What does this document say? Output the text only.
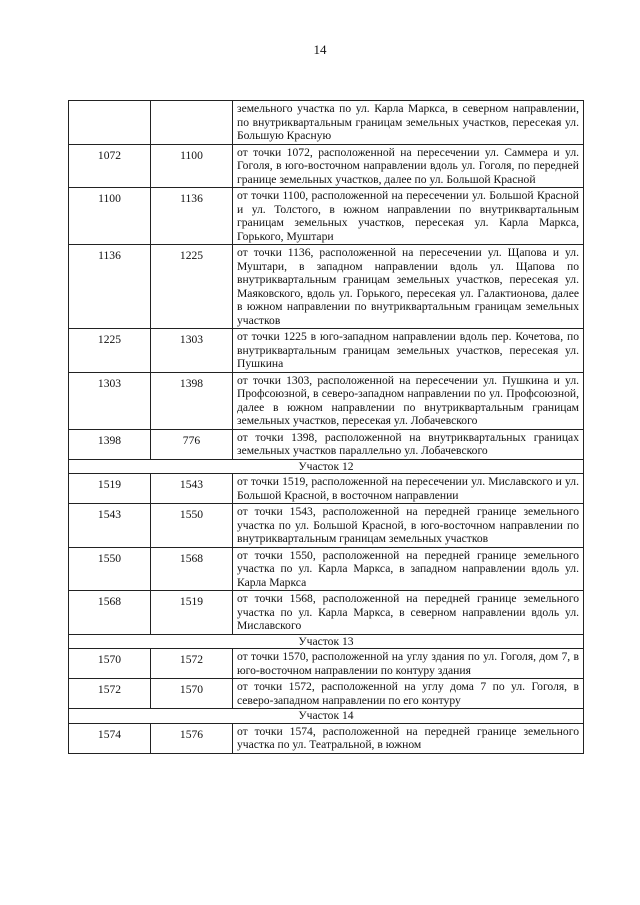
14
		земельного участка по ул. Карла Маркса, в северном направлении, по внутриквартальным границам земельных участков, пересекая ул. Большую Красную
1072	1100	от точки 1072, расположенной на пересечении ул. Саммера и ул. Гоголя, в юго-восточном направлении вдоль ул. Гоголя, по передней границе земельных участков, далее по ул. Большой Красной
1100	1136	от точки 1100, расположенной на пересечении ул. Большой Красной и ул. Толстого, в южном направлении по внутриквартальным границам земельных участков, пересекая ул. Карла Маркса, Горького, Муштари
1136	1225	от точки 1136, расположенной на пересечении ул. Щапова и ул. Муштари, в западном направлении вдоль ул. Щапова по внутриквартальным границам земельных участков, пересекая ул. Маяковского, вдоль ул. Горького, пересекая ул. Галактионова, далее в южном направлении по внутриквартальным границам земельных участков
1225	1303	от точки 1225 в юго-западном направлении вдоль пер. Кочетова, по внутриквартальным границам земельных участков, пересекая ул. Пушкина
1303	1398	от точки 1303, расположенной на пересечении ул. Пушкина и ул. Профсоюзной, в северо-западном направлении по ул. Профсоюзной, далее в южном направлении по внутриквартальным границам земельных участков, пересекая ул. Лобачевского
1398	776	от точки 1398, расположенной на внутриквартальных границах земельных участков параллельно ул. Лобачевского
Участок 12		
1519	1543	от точки 1519, расположенной на пересечении ул. Миславского и ул. Большой Красной, в восточном направлении
1543	1550	от точки 1543, расположенной на передней границе земельного участка по ул. Большой Красной, в юго-восточном направлении по внутриквартальным границам земельных участков
1550	1568	от точки 1550, расположенной на передней границе земельного участка по ул. Карла Маркса, в западном направлении вдоль ул. Карла Маркса
1568	1519	от точки 1568, расположенной на передней границе земельного участка по ул. Карла Маркса, в северном направлении вдоль ул. Миславского
Участок 13		
1570	1572	от точки 1570, расположенной на углу здания по ул. Гоголя, дом 7, в юго-восточном направлении по контуру здания
1572	1570	от точки 1572, расположенной на углу дома 7 по ул. Гоголя, в северо-западном направлении по его контуру
Участок 14		
1574	1576	от точки 1574, расположенной на передней границе земельного участка по ул. Театральной, в южном
